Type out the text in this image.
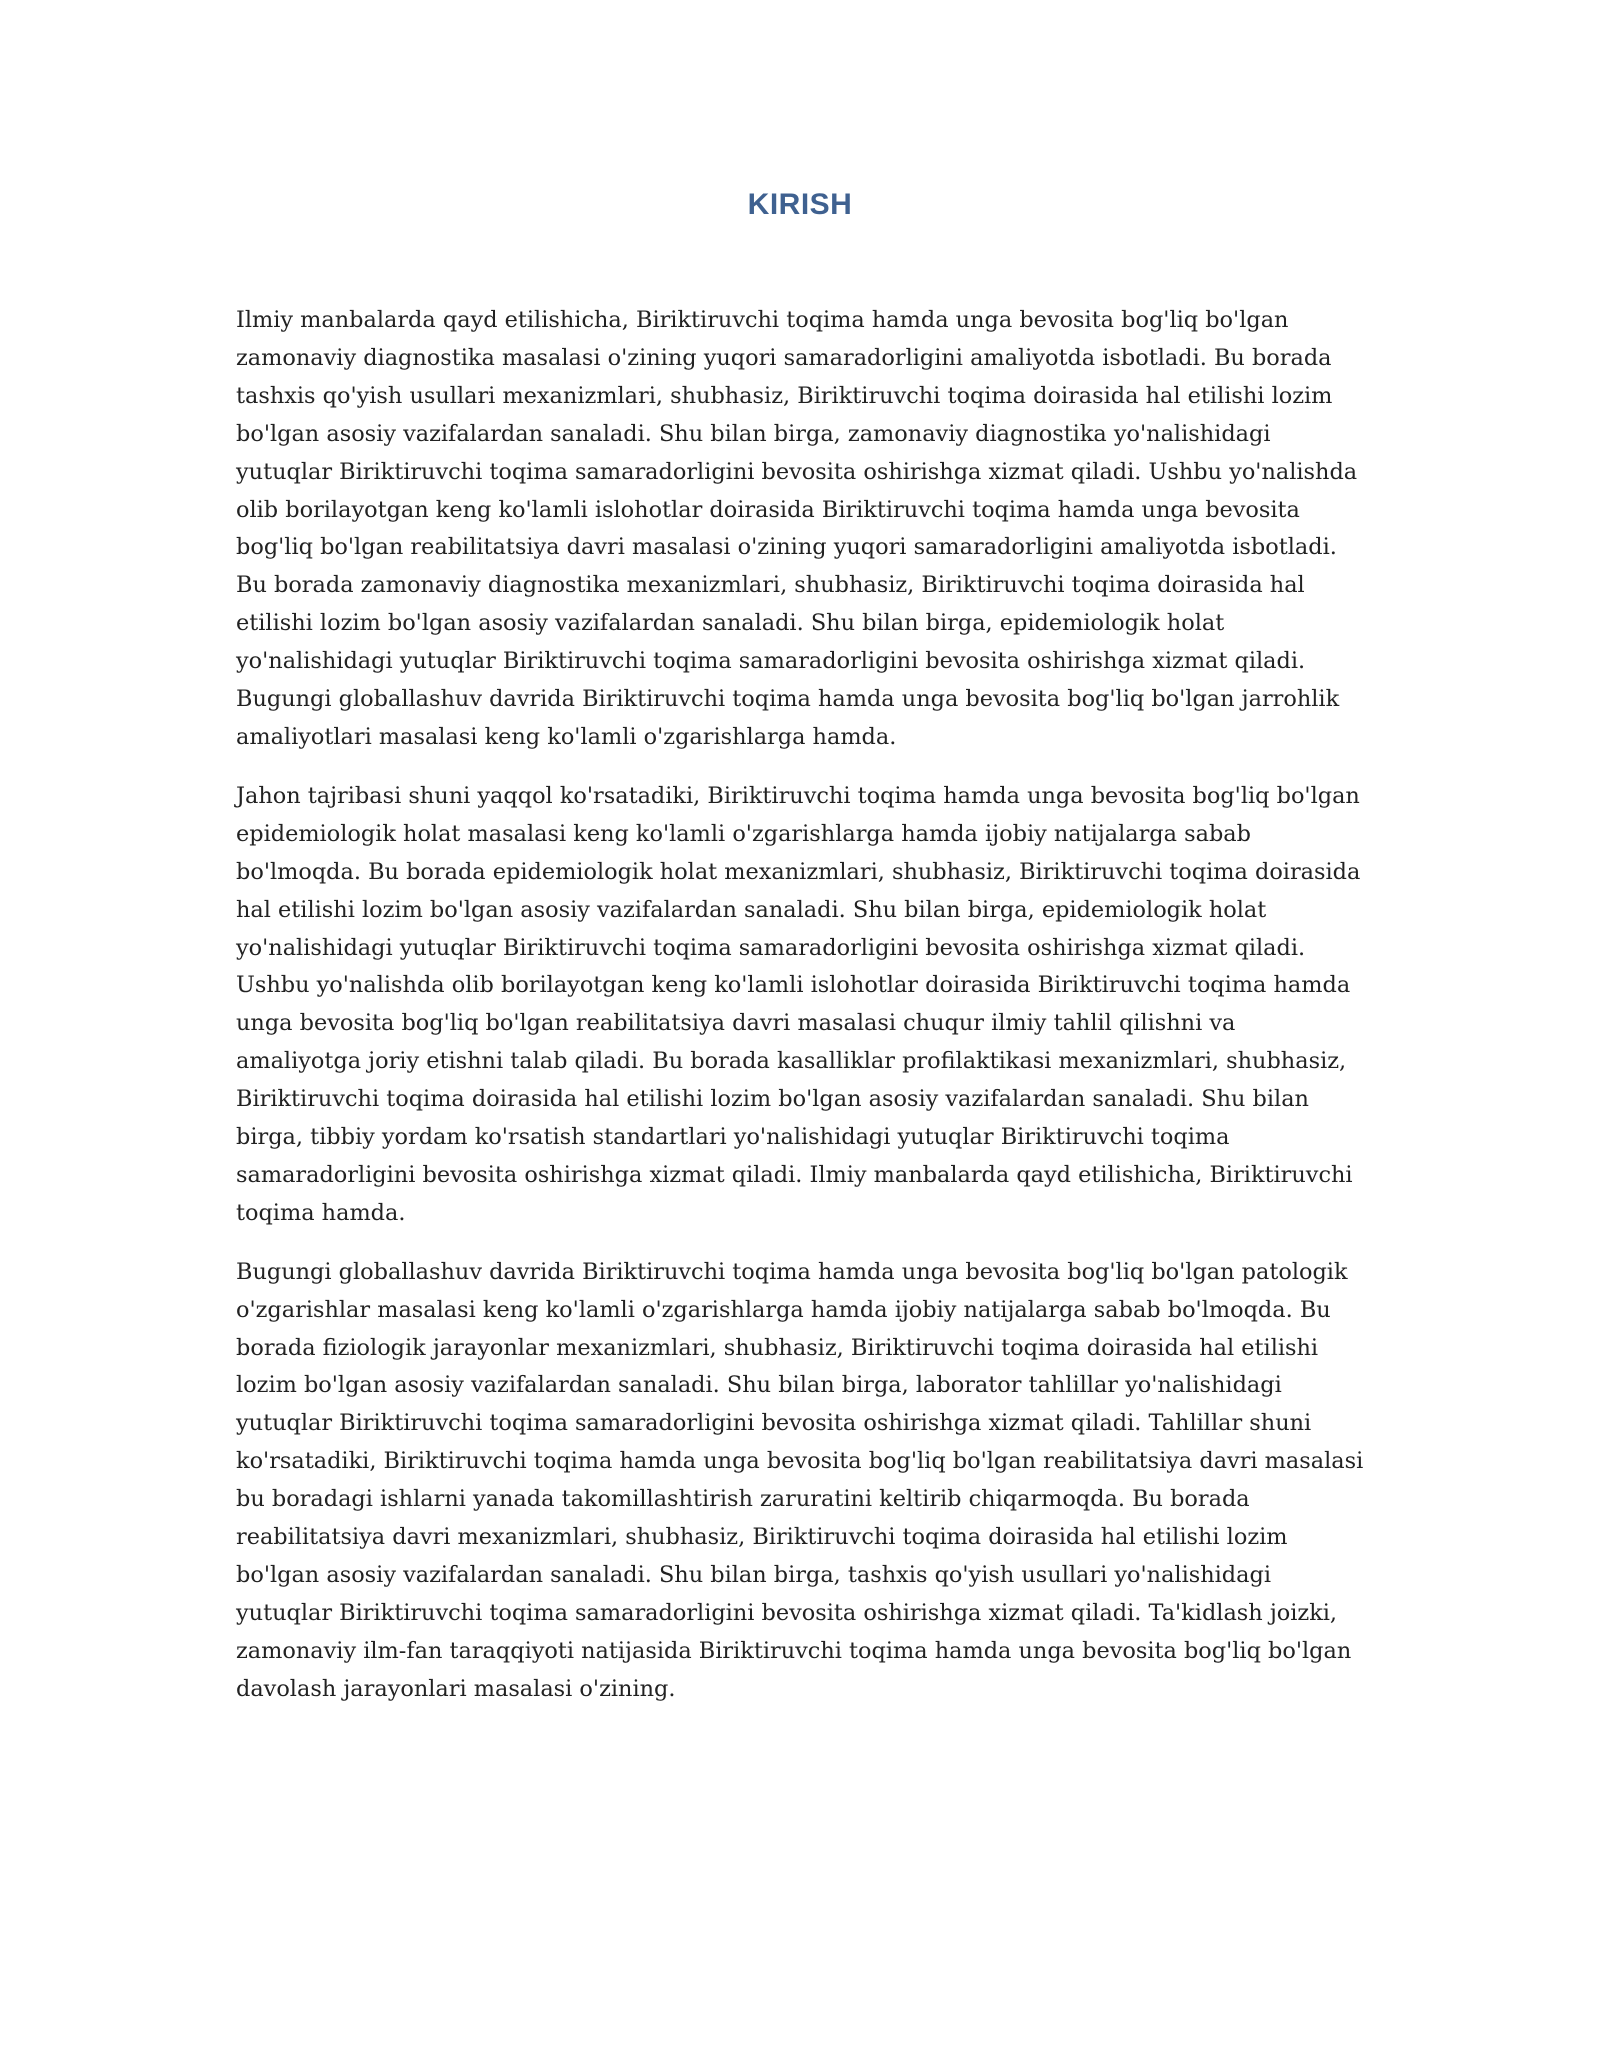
KIRISH

Ilmiy manbalarda qayd etilishicha, Biriktiruvchi toqima hamda unga bevosita bog'liq bo'lgan zamonaviy diagnostika masalasi o'zining yuqori samaradorligini amaliyotda isbotladi. Bu borada tashxis qo'yish usullari mexanizmlari, shubhasiz, Biriktiruvchi toqima doirasida hal etilishi lozim bo'lgan asosiy vazifalardan sanaladi. Shu bilan birga, zamonaviy diagnostika yo'nalishidagi yutuqlar Biriktiruvchi toqima samaradorligini bevosita oshirishga xizmat qiladi. Ushbu yo'nalishda olib borilayotgan keng ko'lamli islohotlar doirasida Biriktiruvchi toqima hamda unga bevosita bog'liq bo'lgan reabilitatsiya davri masalasi o'zining yuqori samaradorligini amaliyotda isbotladi. Bu borada zamonaviy diagnostika mexanizmlari, shubhasiz, Biriktiruvchi toqima doirasida hal etilishi lozim bo'lgan asosiy vazifalardan sanaladi. Shu bilan birga, epidemiologik holat yo'nalishidagi yutuqlar Biriktiruvchi toqima samaradorligini bevosita oshirishga xizmat qiladi. Bugungi globallashuv davrida Biriktiruvchi toqima hamda unga bevosita bog'liq bo'lgan jarrohlik amaliyotlari masalasi keng ko'lamli o'zgarishlarga hamda.

Jahon tajribasi shuni yaqqol ko'rsatadiki, Biriktiruvchi toqima hamda unga bevosita bog'liq bo'lgan epidemiologik holat masalasi keng ko'lamli o'zgarishlarga hamda ijobiy natijalarga sabab bo'lmoqda. Bu borada epidemiologik holat mexanizmlari, shubhasiz, Biriktiruvchi toqima doirasida hal etilishi lozim bo'lgan asosiy vazifalardan sanaladi. Shu bilan birga, epidemiologik holat yo'nalishidagi yutuqlar Biriktiruvchi toqima samaradorligini bevosita oshirishga xizmat qiladi. Ushbu yo'nalishda olib borilayotgan keng ko'lamli islohotlar doirasida Biriktiruvchi toqima hamda unga bevosita bog'liq bo'lgan reabilitatsiya davri masalasi chuqur ilmiy tahlil qilishni va amaliyotga joriy etishni talab qiladi. Bu borada kasalliklar profilaktikasi mexanizmlari, shubhasiz, Biriktiruvchi toqima doirasida hal etilishi lozim bo'lgan asosiy vazifalardan sanaladi. Shu bilan birga, tibbiy yordam ko'rsatish standartlari yo'nalishidagi yutuqlar Biriktiruvchi toqima samaradorligini bevosita oshirishga xizmat qiladi. Ilmiy manbalarda qayd etilishicha, Biriktiruvchi toqima hamda.

Bugungi globallashuv davrida Biriktiruvchi toqima hamda unga bevosita bog'liq bo'lgan patologik o'zgarishlar masalasi keng ko'lamli o'zgarishlarga hamda ijobiy natijalarga sabab bo'lmoqda. Bu borada fiziologik jarayonlar mexanizmlari, shubhasiz, Biriktiruvchi toqima doirasida hal etilishi lozim bo'lgan asosiy vazifalardan sanaladi. Shu bilan birga, laborator tahlillar yo'nalishidagi yutuqlar Biriktiruvchi toqima samaradorligini bevosita oshirishga xizmat qiladi. Tahlillar shuni ko'rsatadiki, Biriktiruvchi toqima hamda unga bevosita bog'liq bo'lgan reabilitatsiya davri masalasi bu boradagi ishlarni yanada takomillashtirish zaruratini keltirib chiqarmoqda. Bu borada reabilitatsiya davri mexanizmlari, shubhasiz, Biriktiruvchi toqima doirasida hal etilishi lozim bo'lgan asosiy vazifalardan sanaladi. Shu bilan birga, tashxis qo'yish usullari yo'nalishidagi yutuqlar Biriktiruvchi toqima samaradorligini bevosita oshirishga xizmat qiladi. Ta'kidlash joizki, zamonaviy ilm-fan taraqqiyoti natijasida Biriktiruvchi toqima hamda unga bevosita bog'liq bo'lgan davolash jarayonlari masalasi o'zining.
